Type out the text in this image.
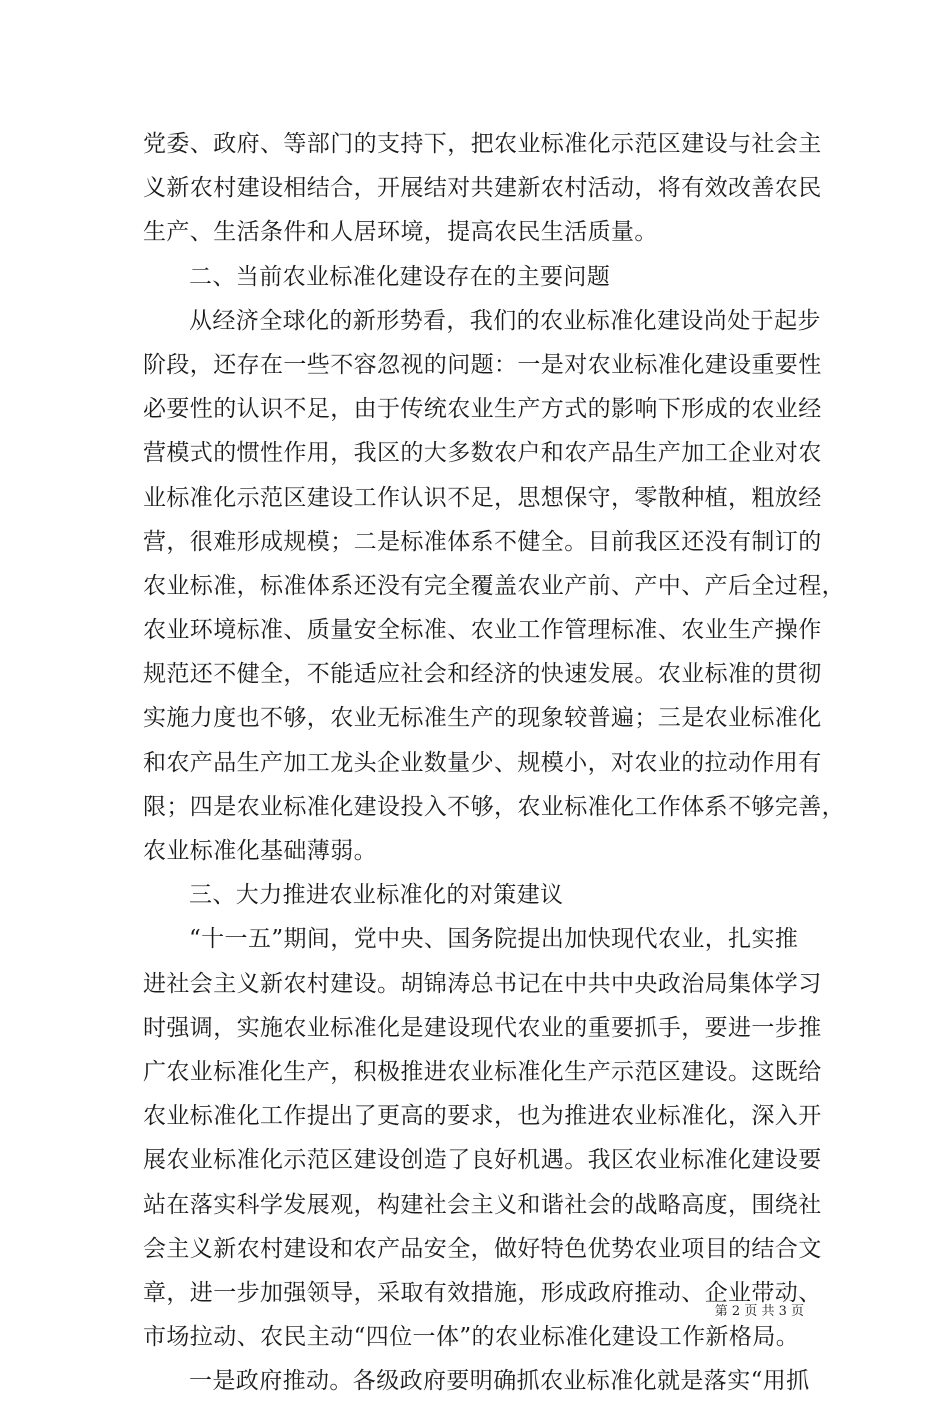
党委、政府、等部门的支持下，把农业标准化示范区建设与社会主
义新农村建设相结合，开展结对共建新农村活动，将有效改善农民
生产、生活条件和人居环境，提高农民生活质量。
二、当前农业标准化建设存在的主要问题
从经济全球化的新形势看，我们的农业标准化建设尚处于起步
阶段，还存在一些不容忽视的问题：一是对农业标准化建设重要性
必要性的认识不足，由于传统农业生产方式的影响下形成的农业经
营模式的惯性作用，我区的大多数农户和农产品生产加工企业对农
业标准化示范区建设工作认识不足，思想保守，零散种植，粗放经
营，很难形成规模；二是标准体系不健全。目前我区还没有制订的
农业标准，标准体系还没有完全覆盖农业产前、产中、产后全过程，
农业环境标准、质量安全标准、农业工作管理标准、农业生产操作
规范还不健全，不能适应社会和经济的快速发展。农业标准的贯彻
实施力度也不够，农业无标准生产的现象较普遍；三是农业标准化
和农产品生产加工龙头企业数量少、规模小，对农业的拉动作用有
限；四是农业标准化建设投入不够，农业标准化工作体系不够完善，
农业标准化基础薄弱。
三、大力推进农业标准化的对策建议
“十一五”期间，党中央、国务院提出加快现代农业，扎实推
进社会主义新农村建设。胡锦涛总书记在中共中央政治局集体学习
时强调，实施农业标准化是建设现代农业的重要抓手，要进一步推
广农业标准化生产，积极推进农业标准化生产示范区建设。这既给
农业标准化工作提出了更高的要求，也为推进农业标准化，深入开
展农业标准化示范区建设创造了良好机遇。我区农业标准化建设要
站在落实科学发展观，构建社会主义和谐社会的战略高度，围绕社
会主义新农村建设和农产品安全，做好特色优势农业项目的结合文
章，进一步加强领导，采取有效措施，形成政府推动、企业带动、
市场拉动、农民主动“四位一体”的农业标准化建设工作新格局。
一是政府推动。各级政府要明确抓农业标准化就是落实“用抓
第 2 页 共 3 页
